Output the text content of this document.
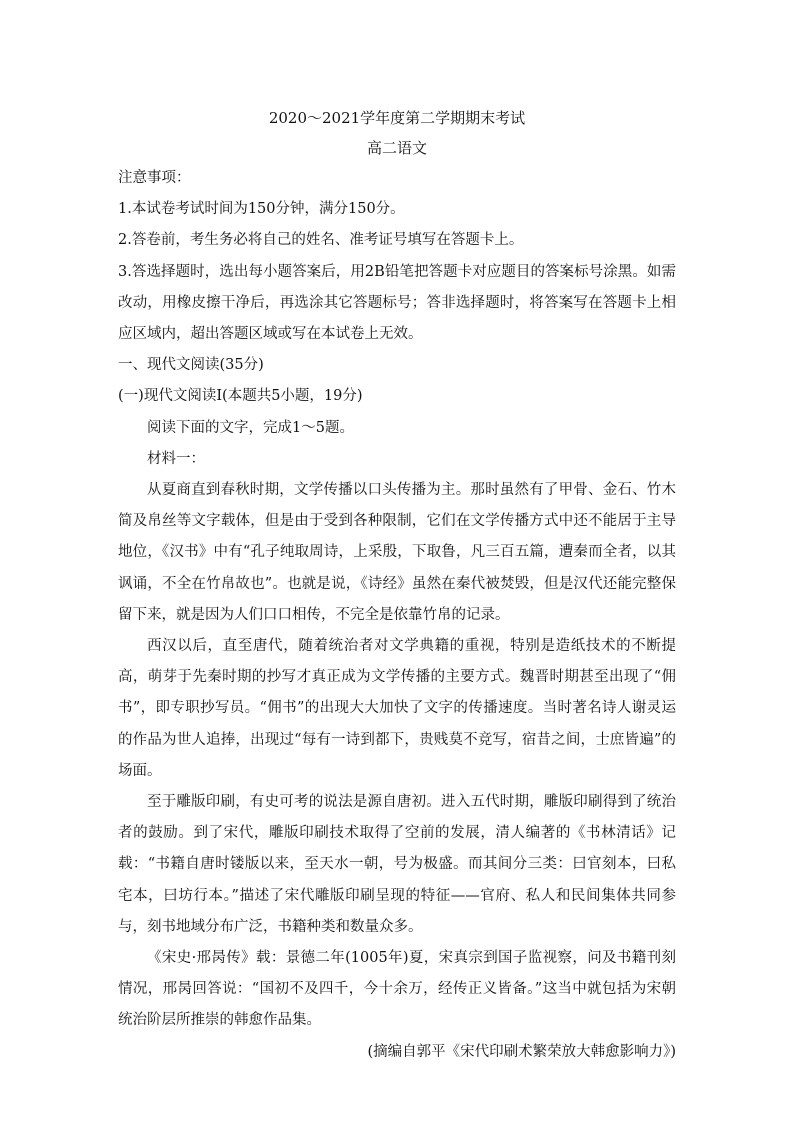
2020～2021学年度第二学期期末考试

高二语文

注意事项：

1.本试卷考试时间为150分钟，满分150分。

2.答卷前，考生务必将自己的姓名、准考证号填写在答题卡上。

3.答选择题时，选出每小题答案后，用2B铅笔把答题卡对应题目的答案标号涂黑。如需改动，用橡皮擦干净后，再选涂其它答题标号；答非选择题时，将答案写在答题卡上相应区域内，超出答题区域或写在本试卷上无效。

一、现代文阅读(35分)

(一)现代文阅读Ⅰ(本题共5小题，19分)

阅读下面的文字，完成1～5题。

材料一：

从夏商直到春秋时期，文学传播以口头传播为主。那时虽然有了甲骨、金石、竹木简及帛丝等文字载体，但是由于受到各种限制，它们在文学传播方式中还不能居于主导地位，《汉书》中有“孔子纯取周诗，上采殷，下取鲁，凡三百五篇，遭秦而全者，以其讽诵，不全在竹帛故也”。也就是说，《诗经》虽然在秦代被焚毁，但是汉代还能完整保留下来，就是因为人们口口相传，不完全是依靠竹帛的记录。

西汉以后，直至唐代，随着统治者对文学典籍的重视，特别是造纸技术的不断提高，萌芽于先秦时期的抄写才真正成为文学传播的主要方式。魏晋时期甚至出现了“佣书”，即专职抄写员。“佣书”的出现大大加快了文字的传播速度。当时著名诗人谢灵运的作品为世人追捧，出现过“每有一诗到都下，贵贱莫不竞写，宿昔之间，士庶皆遍”的场面。

至于雕版印刷，有史可考的说法是源自唐初。进入五代时期，雕版印刷得到了统治者的鼓励。到了宋代，雕版印刷技术取得了空前的发展，清人编著的《书林清话》记载：“书籍自唐时镂版以来，至天水一朝，号为极盛。而其间分三类：曰官刻本，曰私宅本，曰坊行本。”描述了宋代雕版印刷呈现的特征——官府、私人和民间集体共同参与，刻书地域分布广泛，书籍种类和数量众多。

《宋史·邢昺传》载：景德二年(1005年)夏，宋真宗到国子监视察，问及书籍刊刻情况，邢昺回答说：“国初不及四千，今十余万，经传正义皆备。”这当中就包括为宋朝统治阶层所推崇的韩愈作品集。

(摘编自郭平《宋代印刷术繁荣放大韩愈影响力》)
